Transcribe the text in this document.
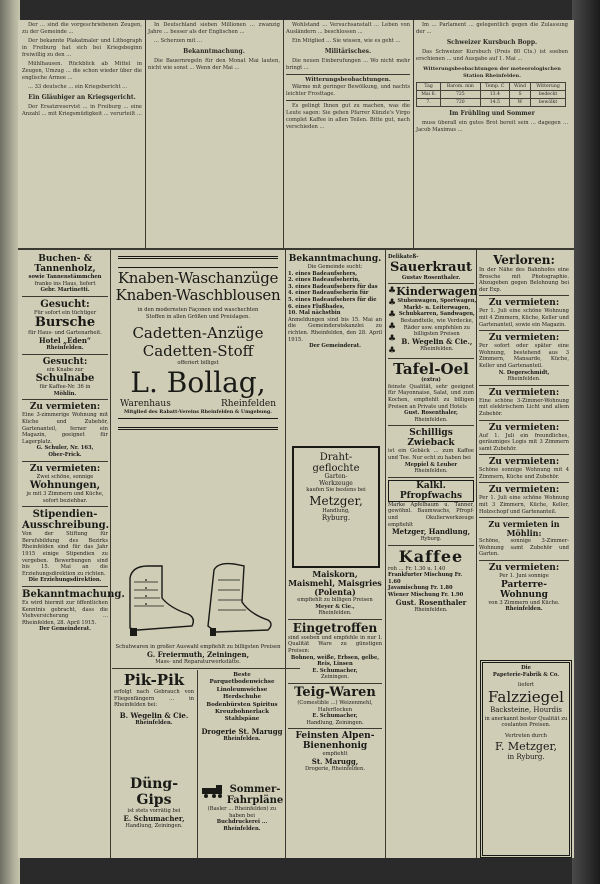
Der ... sind die vorgeschriebenen Zeugen, zu der Gemeinde ...

Der bekannte Plakatmaler und Lithograph in Freiburg hat sich bei Kriegsbeginn freiwillig zu den ...

Mühlhausen. Rückblick ab Mittel in Zeugen, Umzug ... die schon wieder über die englische Armee ...

... 33 deutsche ... ein Kriegsbericht ...

Ein Gläubiger an Kriegsgericht.

Der Ersatzreservist ... in Freiburg ... eine Anzahl ... mit Kriegsmüdigkeit ... verurteilt ...

In Deutschland sieben Millionen ... zwanzig Jahre ... besser als der Englischen ...

... Scherzen mit ...

Bekanntmachung.

Die Bauernregeln für den Monat Mai lauten, nicht wie sonst ... Wenn der Mai ...

Wohlstand ... Versuchsanstalt ... Leben von Ausländern ... beschlossen ...

Ein Mitglied ... Sie wissen, wie es geht ...

Militärisches.

Die neuen Einberufungen ... Wo nicht mehr bringt ...

Witterungsbeobachtungen.

Wärme mit geringer Bewölkung, und nachts leichter Frosttage.

Es gelingt Ihnen gut zu machen, was die Leute sagen: Sie gehen Pfarrer Künzle's Virgo complet Kaffee in allen Teilen. Bitte gut, nach verschieden ...

Im ... Parlament ... gelegentlich gegen die Zulassung der ...

Schweizer Kursbuch Bopp.

Das Schweizer Kursbuch (Preis 80 Cts.) ist soeben erschienen ... und Ausgabe auf 1. Mai ...

Witterungsbeobachtungen der meteorologischen Station Rheinfelden.
Tag	Barom. mm	Temp. C	Wind	Witterung
Mai 6.	725	13.4	S	bedeckt
7.	720	14.5	W	bewölkt
Im Frühling und Sommer

muss überall ein gutes Brot bereit sein ... dagegen ... Jacob Maximus ...

Buchen- & Tannenholz,
sowie Tannenstämmchen
franko ins Haus, liefert
Gebr. Martinetti.
Gesucht:
Für sofort ein tüchtiger
Bursche
für Haus- und Gartenarbeit.
Hotel „Eden“
Rheinfelden.
Gesucht:
ein Knabe zur
Schulnabe
für Kaffee-Nr. 36 in
Möhlin.
Zu vermieten:
Eine 3-zimmerige Wohnung mit Küche und Zubehör, Gartenanteil, ferner ein Magazin, geeignet für Lagerplatz.
G. Schuler, Nr. 163,
Ober-Frick.
Zu vermieten:
Zwei schöne, sonnige
Wohnungen,
je mit 3 Zimmern und Küche, sofort beziehbar.
Stipendien-Ausschreibung.
Von der Stiftung für Berufsbildung des Bezirks Rheinfelden sind für das Jahr 1915 einige Stipendien zu vergeben. Bewerbungen sind bis 15. Mai an die Erziehungsdirektion zu richten.
Die Erziehungsdirektion.
Bekanntmachung.
Es wird hiermit zur öffentlichen Kenntnis gebracht, dass die Viehversicherung ... Rheinfelden, 28. April 1915.
Der Gemeinderat.
Knaben-Waschanzüge
Knaben-Waschblousen
in den modernsten Façonen und waschechten
Stoffen in allen Größen und Preislagen.
Cadetten-Anzüge
Cadetten-Stoff
offeriert billigst
L. Bollag,
Warenhaus	Rheinfelden
Mitglied des Rabatt-Vereins Rheinfelden & Umgebung.
Schuhwaren in großer Auswahl empfiehlt zu billigsten Preisen
G. Freiermuth, Zeiningen,
Mass- und Reparaturwerkstätte.
Pik-Pik
erfolgt nach Gebrauch von Fliegenfängern ... in Rheinfelden bei:
B. Wegelin & Cie.
Rheinfelden.
Düng-Gips
ist stets vorrätig bei
E. Schumacher,
Handlung, Zeiningen.
Beste Parquetbodenwichse Linoleumwichse Herdschuhe Bodenbürsten Spiritus Kreuzbohnerlack Stahlspäne
Drogerie St. Marugg
Rheinfelden.
Sommer-Fahrpläne
(Basler ... Rheinfelden) zu haben bei
Buchdruckerei ... Rheinfelden.
Bekanntmachung.
Die Gemeinde sucht:
1. eines Badeaufsehers,
2. eines Badeaufseherin,
3. eines Badeaufsehers für das
4. einer Badeaufseherin für
5. eines Badeaufsehers für die
6. eines Flußbades,
10. Mal nächstbin
Anmeldungen sind bis 15. Mai an die Gemeinderatskanzlei zu richten. Rheinfelden, den 28. April 1915.
Der Gemeinderat.
Draht-
geflochte
Garten-
Werkzeuge
kaufen Sie bestens bei
Metzger,
Handlung,
Ryburg.
Maiskorn, Maismehl, Maisgries (Polenta)
empfiehlt zu billigen Preisen
Meyer & Cie.,
Rheinfelden.
Eingetroffen
sind soeben und empfehle in nur I. Qualität Ware zu günstigen Preisen:
Bohnen, weiße, Erbsen, gelbe, Reis, Linsen
E. Schumacher,
Zeiningen.
Teig-Waren
(Comestible ...) Weizenmehl, Haferflocken
E. Schumacher,
Handlung, Zeiningen.
Feinsten Alpen-Bienenhonig
empfiehlt
St. Marugg,
Drogerie, Rheinfelden.
Delikateß-
Sauerkraut
Gustav Rosenthaler.
♣
♣
♣
♣
♣
♣
Kinderwagen
Stubenwagen, Sportwagen, Markt- u. Leiterwagen, Schubkarren, Sandwagen,
Bestandteile, wie Verdecke, Räder usw. empfehlen zu billigsten Preisen
B. Wegelin & Cie.,
Rheinfelden.
Tafel-Oel
(extra)
feinste Qualität, sehr geeignet für Mayonnaise, Salat, und zum Kochen, empfiehlt zu billigen Preisen an Private und Hotels
Gust. Rosenthaler,
Rheinfelden.
Schilligs Zwieback
ist ein Gebäck ... zum Kaffee und Tee. Nur echt zu haben bei
Meppiel & Leuber
Rheinfelden.
Kalkl. Pfropfwachs
Marke Apfelbaum u. Tanner, gewöhnl. Baumwachs, Pfropf- und Okulierwerkzeuge empfiehlt
Metzger, Handlung,
Ryburg.
Kaffee
roh ... Fr. 1.30 u. 1.40
Frankfurter Mischung Fr. 1.60
Javamischung Fr. 1.80
Wiener Mischung Fr. 1.90
Gust. Rosenthaler
Rheinfelden.
Verloren:
In der Nähe des Bahnhofes eine Brosche mit Photographie. Abzugeben gegen Belohnung bei der Exp.
Zu vermieten:
Per 1. Juli eine schöne Wohnung mit 4 Zimmern, Küche, Keller und Gartenanteil, sowie ein Magazin.
Zu vermieten:
Per sofort oder später eine Wohnung, bestehend aus 3 Zimmern, Mansarde, Küche, Keller und Gartenanteil.
N. Degerschmidt,
Rheinfelden.
Zu vermieten:
Eine schöne 3-Zimmer-Wohnung mit elektrischem Licht und allem Zubehör.
Zu vermieten:
Auf 1. Juli ein freundliches, geräumiges Logis mit 3 Zimmern samt Zubehör.
Zu vermieten:
Schöne sonnige Wohnung mit 4 Zimmern, Küche und Zubehör.
Zu vermieten:
Per 1. Juli eine schöne Wohnung mit 3 Zimmern, Küche, Keller, Holzschopf und Gartenanteil.
Zu vermieten in Möhlin:
Schöne, sonnige 3-Zimmer-Wohnung samt Zubehör und Garten.
Zu vermieten:
Per 1. Juni sonnige
Parterre-Wohnung
von 3 Zimmern und Küche.
Rheinfelden.
Die
Papeterie-Fabrik & Co.
liefert
Falzziegel
Backsteine, Hourdis
in anerkannt bester Qualität zu coulanten Preisen.
Vertreten durch
F. Metzger,
in Ryburg.
